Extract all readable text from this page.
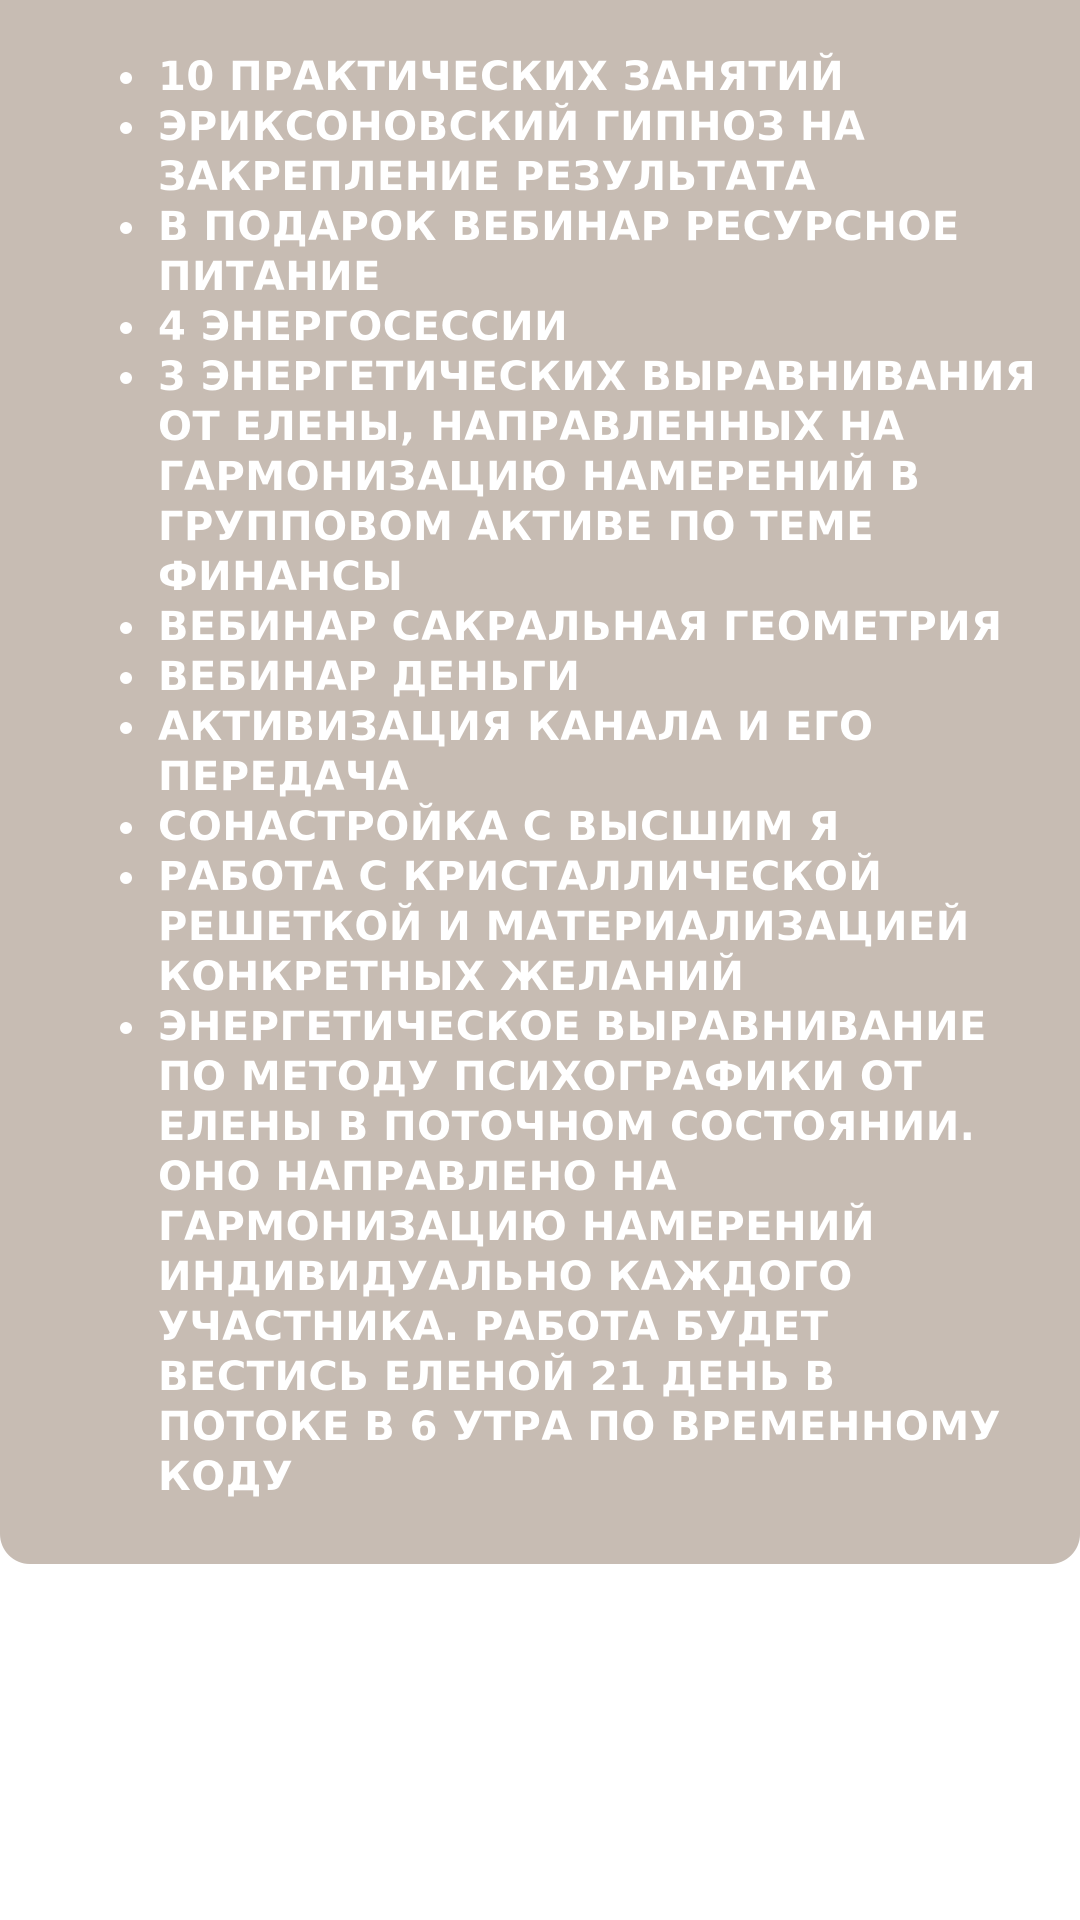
10 ПРАКТИЧЕСКИХ ЗАНЯТИЙ
ЭРИКСОНОВСКИЙ ГИПНОЗ НА ЗАКРЕПЛЕНИЕ РЕЗУЛЬТАТА
В ПОДАРОК ВЕБИНАР РЕСУРСНОЕ ПИТАНИЕ
4 ЭНЕРГОСЕССИИ
3 ЭНЕРГЕТИЧЕСКИХ ВЫРАВНИВАНИЯ ОТ ЕЛЕНЫ, НАПРАВЛЕННЫХ НА ГАРМОНИЗАЦИЮ НАМЕРЕНИЙ В ГРУППОВОМ АКТИВЕ ПО ТЕМЕ ФИНАНСЫ
ВЕБИНАР САКРАЛЬНАЯ ГЕОМЕТРИЯ
ВЕБИНАР ДЕНЬГИ
АКТИВИЗАЦИЯ КАНАЛА И ЕГО ПЕРЕДАЧА
СОНАСТРОЙКА С ВЫСШИМ Я
РАБОТА С КРИСТАЛЛИЧЕСКОЙ РЕШЕТКОЙ И МАТЕРИАЛИЗАЦИЕЙ КОНКРЕТНЫХ ЖЕЛАНИЙ
ЭНЕРГЕТИЧЕСКОЕ ВЫРАВНИВАНИЕ ПО МЕТОДУ ПСИХОГРАФИКИ ОТ ЕЛЕНЫ В ПОТОЧНОМ СОСТОЯНИИ. ОНО НАПРАВЛЕНО НА ГАРМОНИЗАЦИЮ НАМЕРЕНИЙ ИНДИВИДУАЛЬНО КАЖДОГО УЧАСТНИКА. РАБОТА БУДЕТ ВЕСТИСЬ ЕЛЕНОЙ 21 ДЕНЬ В ПОТОКЕ В 6 УТРА ПО ВРЕМЕННОМУ КОДУ
